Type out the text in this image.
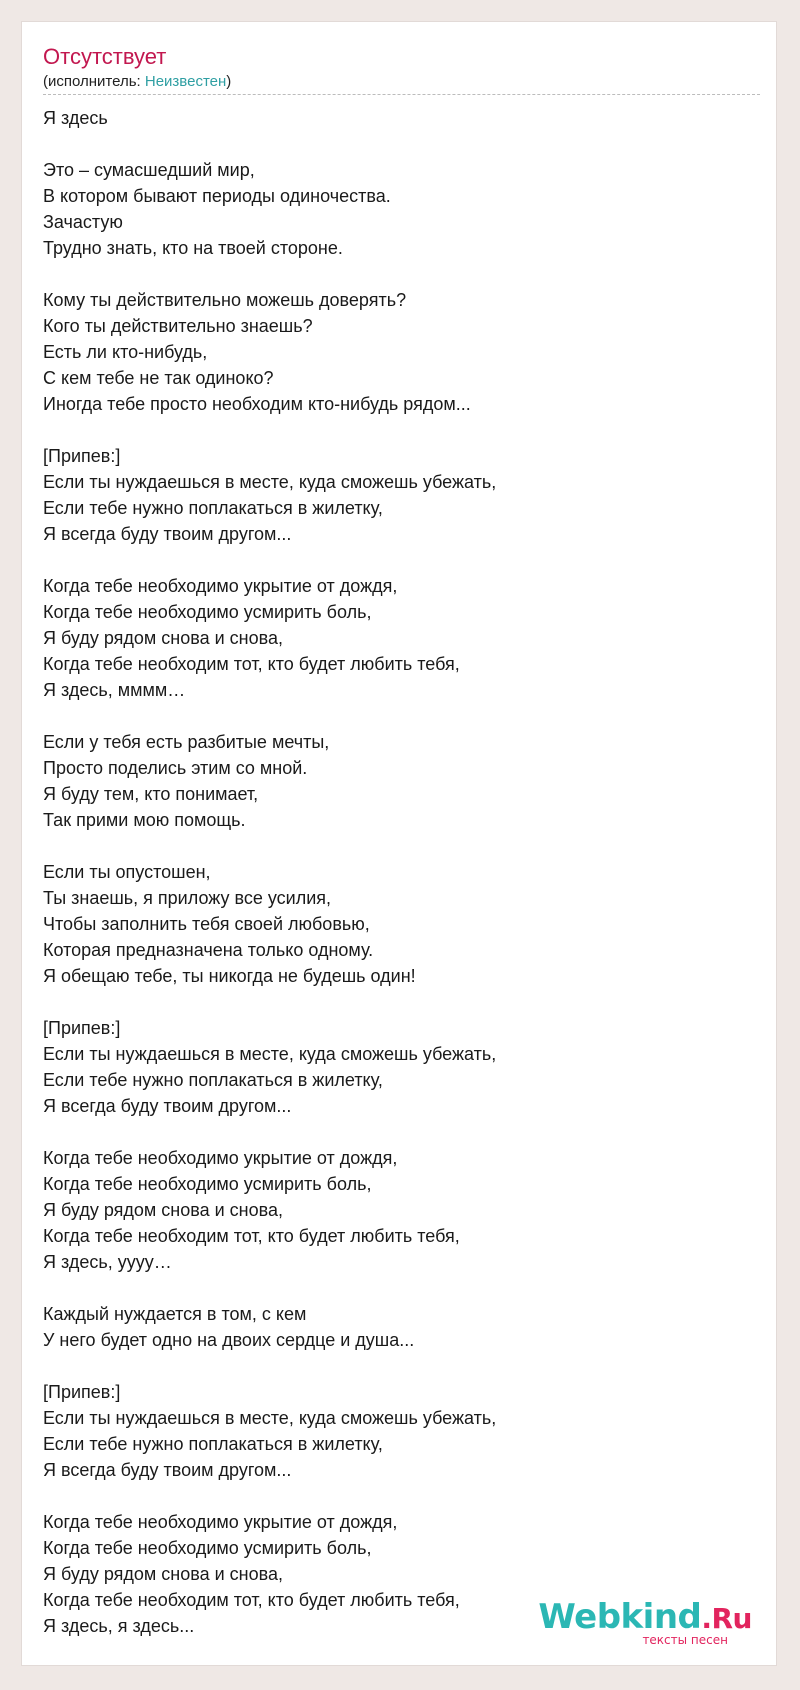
Отсутствует
(исполнитель: Неизвестен)
Я здесь
Это – сумасшедший мир,
В котором бывают периоды одиночества.
Зачастую
Трудно знать, кто на твоей стороне.
Кому ты действительно можешь доверять?
Кого ты действительно знаешь?
Есть ли кто-нибудь,
С кем тебе не так одиноко?
Иногда тебе просто необходим кто-нибудь рядом...
[Припев:]
Если ты нуждаешься в месте, куда сможешь убежать,
Если тебе нужно поплакаться в жилетку,
Я всегда буду твоим другом...
Когда тебе необходимо укрытие от дождя,
Когда тебе необходимо усмирить боль,
Я буду рядом снова и снова,
Когда тебе необходим тот, кто будет любить тебя,
Я здесь, мммм…
Если у тебя есть разбитые мечты,
Просто поделись этим со мной.
Я буду тем, кто понимает,
Так прими мою помощь.
Если ты опустошен,
Ты знаешь, я приложу все усилия,
Чтобы заполнить тебя своей любовью,
Которая предназначена только одному.
Я обещаю тебе, ты никогда не будешь один!
[Припев:]
Если ты нуждаешься в месте, куда сможешь убежать,
Если тебе нужно поплакаться в жилетку,
Я всегда буду твоим другом...
Когда тебе необходимо укрытие от дождя,
Когда тебе необходимо усмирить боль,
Я буду рядом снова и снова,
Когда тебе необходим тот, кто будет любить тебя,
Я здесь, уууу…
Каждый нуждается в том, с кем
У него будет одно на двоих сердце и душа...
[Припев:]
Если ты нуждаешься в месте, куда сможешь убежать,
Если тебе нужно поплакаться в жилетку,
Я всегда буду твоим другом...
Когда тебе необходимо укрытие от дождя,
Когда тебе необходимо усмирить боль,
Я буду рядом снова и снова,
Когда тебе необходим тот, кто будет любить тебя,
Я здесь, я здесь...	Webkind.Ru
тексты песен
